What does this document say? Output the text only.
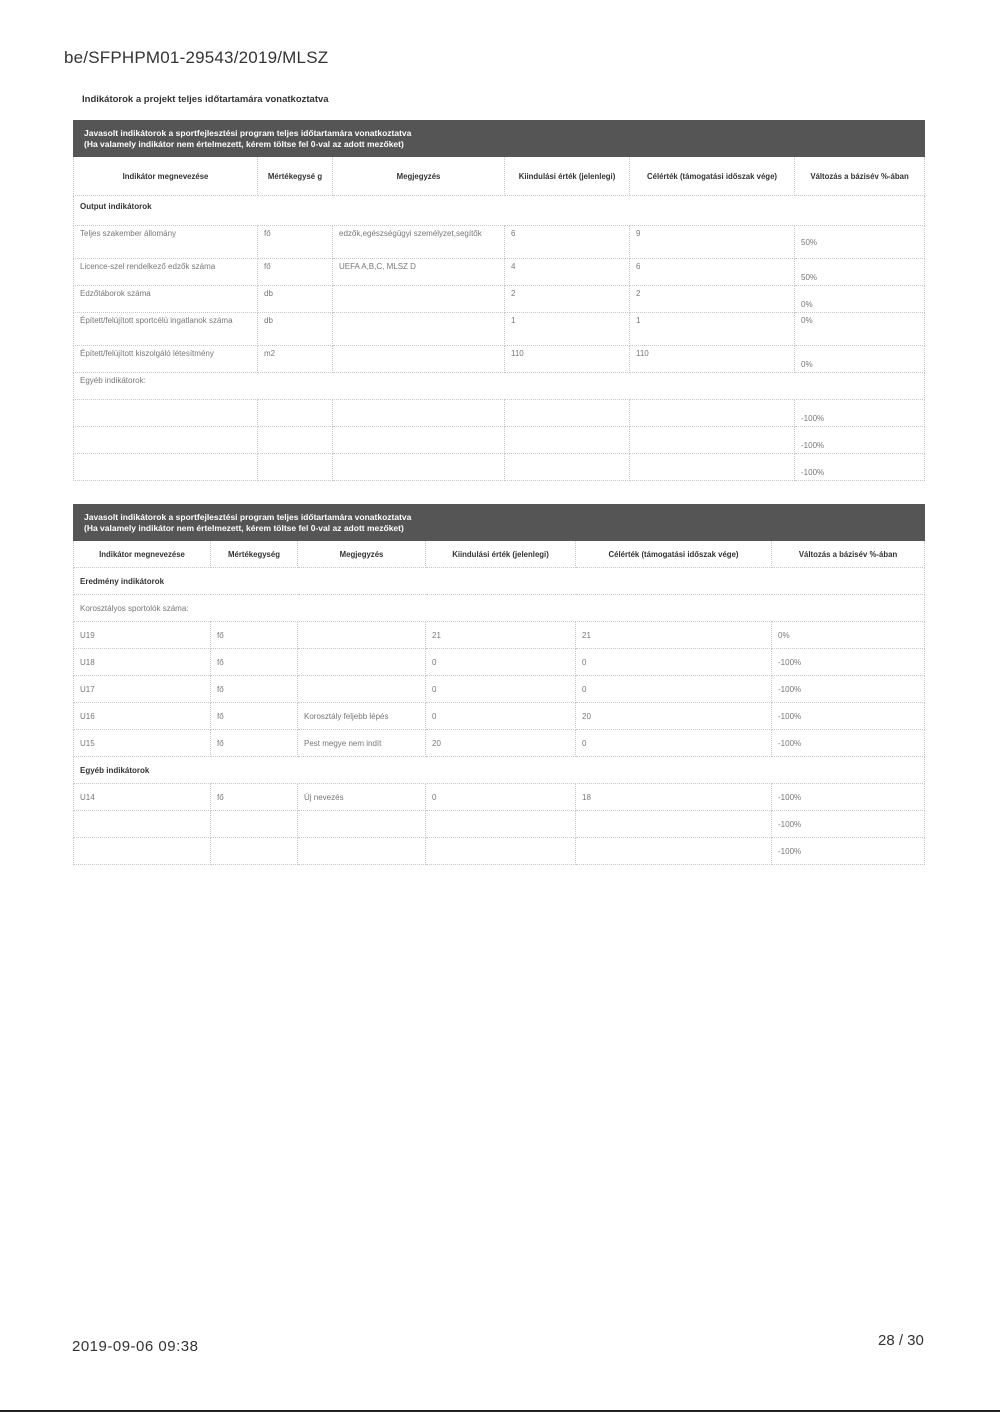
be/SFPHPM01-29543/2019/MLSZ
Indikátorok a projekt teljes időtartamára vonatkoztatva
Javasolt indikátorok a sportfejlesztési program teljes időtartamára vonatkoztatva
(Ha valamely indikátor nem értelmezett, kérem töltse fel 0-val az adott mezőket)					

Indikátor megnevezése	Mértékegysé g	Megjegyzés	Kiindulási érték (jelenlegi)	Célérték (támogatási időszak vége)	Változás a bázisév %-ában
Output indikátorok					
Teljes szakember állomány	fő	edzők,egészségügyi személyzet,segítők	6	9	50%
Licence-szel rendelkező edzők száma	fő	UEFA A,B,C, MLSZ D	4	6	50%
Edzőtáborok száma	db		2	2	0%
Épített/felújított sportcélú ingatlanok száma	db		1	1	0%
Épített/felújított kiszolgáló létesítmény	m2		110	110	0%
Egyéb indikátorok:					
					-100%
					-100%
					-100%
Javasolt indikátorok a sportfejlesztési program teljes időtartamára vonatkoztatva
(Ha valamely indikátor nem értelmezett, kérem töltse fel 0-val az adott mezőket)					

Indikátor megnevezése	Mértékegység	Megjegyzés	Kiindulási érték (jelenlegi)	Célérték (támogatási időszak vége)	Változás a bázisév %-ában
Eredmény indikátorok					
Korosztályos sportolók száma:					
U19	fő		21	21	0%
U18	fő		0	0	-100%
U17	fő		0	0	-100%
U16	fő	Korosztály feljebb lépés	0	20	-100%
U15	fő	Pest megye nem indít	20	0	-100%
Egyéb indikátorok					
U14	fő	Új nevezés	0	18	-100%
					-100%
					-100%
2019-09-06 09:38	28 / 30
